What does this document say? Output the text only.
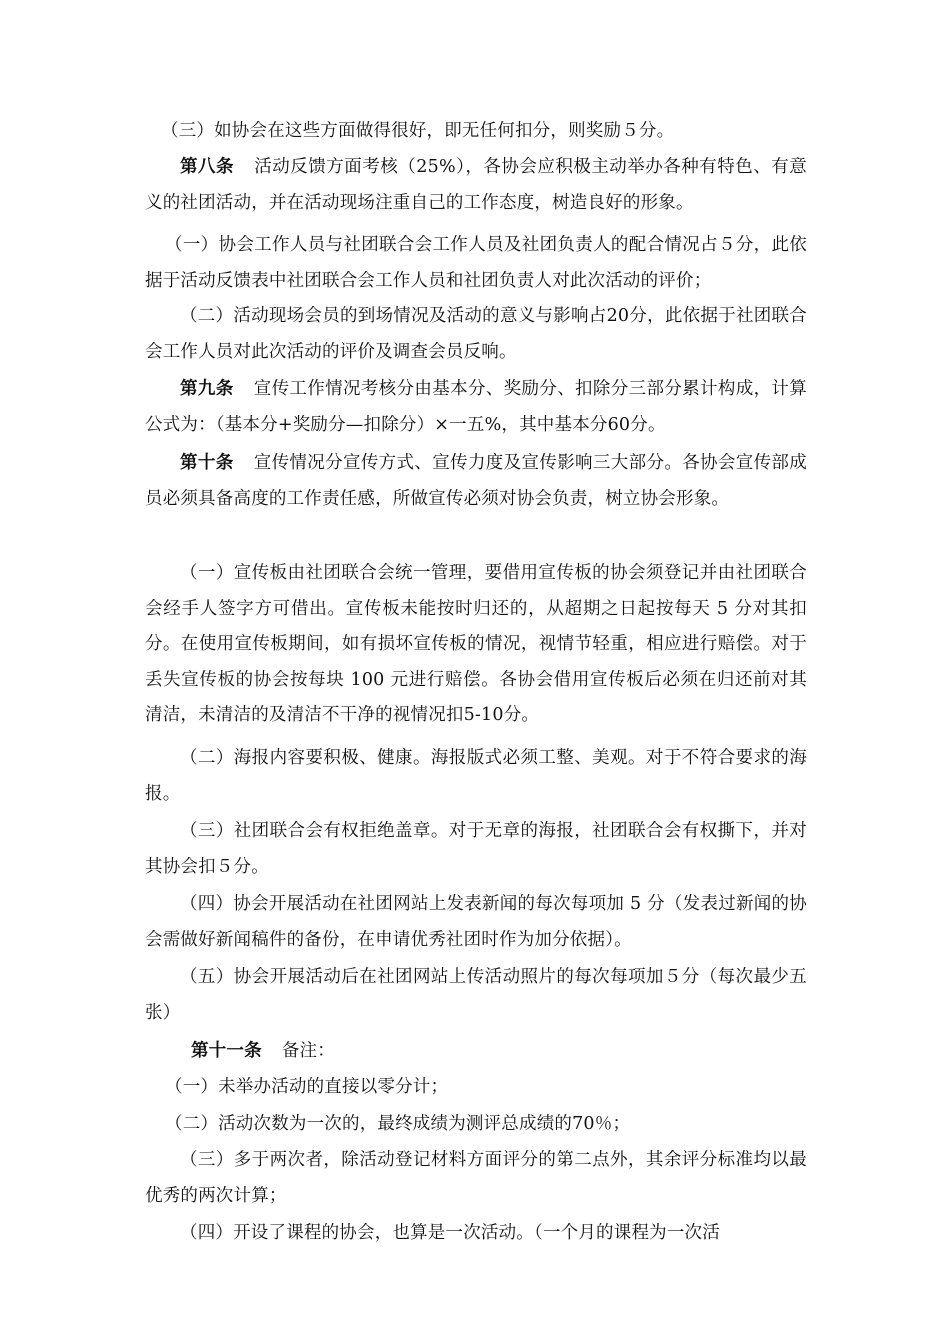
（三）如协会在这些方面做得很好，即无任何扣分，则奖励５分。

第八条 活动反馈方面考核（25%），各协会应积极主动举办各种有特色、有意义的社团活动，并在活动现场注重自己的工作态度，树造良好的形象。

（一）协会工作人员与社团联合会工作人员及社团负责人的配合情况占５分，此依据于活动反馈表中社团联合会工作人员和社团负责人对此次活动的评价；

（二）活动现场会员的到场情况及活动的意义与影响占20分，此依据于社团联合会工作人员对此次活动的评价及调查会员反响。

第九条 宣传工作情况考核分由基本分、奖励分、扣除分三部分累计构成，计算公式为：（基本分+奖励分—扣除分）×一五%，其中基本分60分。

第十条 宣传情况分宣传方式、宣传力度及宣传影响三大部分。各协会宣传部成员必须具备高度的工作责任感，所做宣传必须对协会负责，树立协会形象。

（一）宣传板由社团联合会统一管理，要借用宣传板的协会须登记并由社团联合会经手人签字方可借出。宣传板未能按时归还的，从超期之日起按每天 5 分对其扣分。在使用宣传板期间，如有损坏宣传板的情况，视情节轻重，相应进行赔偿。对于丢失宣传板的协会按每块 100 元进行赔偿。各协会借用宣传板后必须在归还前对其清洁，未清洁的及清洁不干净的视情况扣5-10分。

（二）海报内容要积极、健康。海报版式必须工整、美观。对于不符合要求的海报。

（三）社团联合会有权拒绝盖章。对于无章的海报，社团联合会有权撕下，并对其协会扣５分。

（四）协会开展活动在社团网站上发表新闻的每次每项加 5 分（发表过新闻的协会需做好新闻稿件的备份，在申请优秀社团时作为加分依据）。

（五）协会开展活动后在社团网站上传活动照片的每次每项加５分（每次最少五张）

第十一条 备注：

（一）未举办活动的直接以零分计；

（二）活动次数为一次的，最终成绩为测评总成绩的70％；

（三）多于两次者，除活动登记材料方面评分的第二点外，其余评分标准均以最优秀的两次计算；

（四）开设了课程的协会，也算是一次活动。（一个月的课程为一次活
